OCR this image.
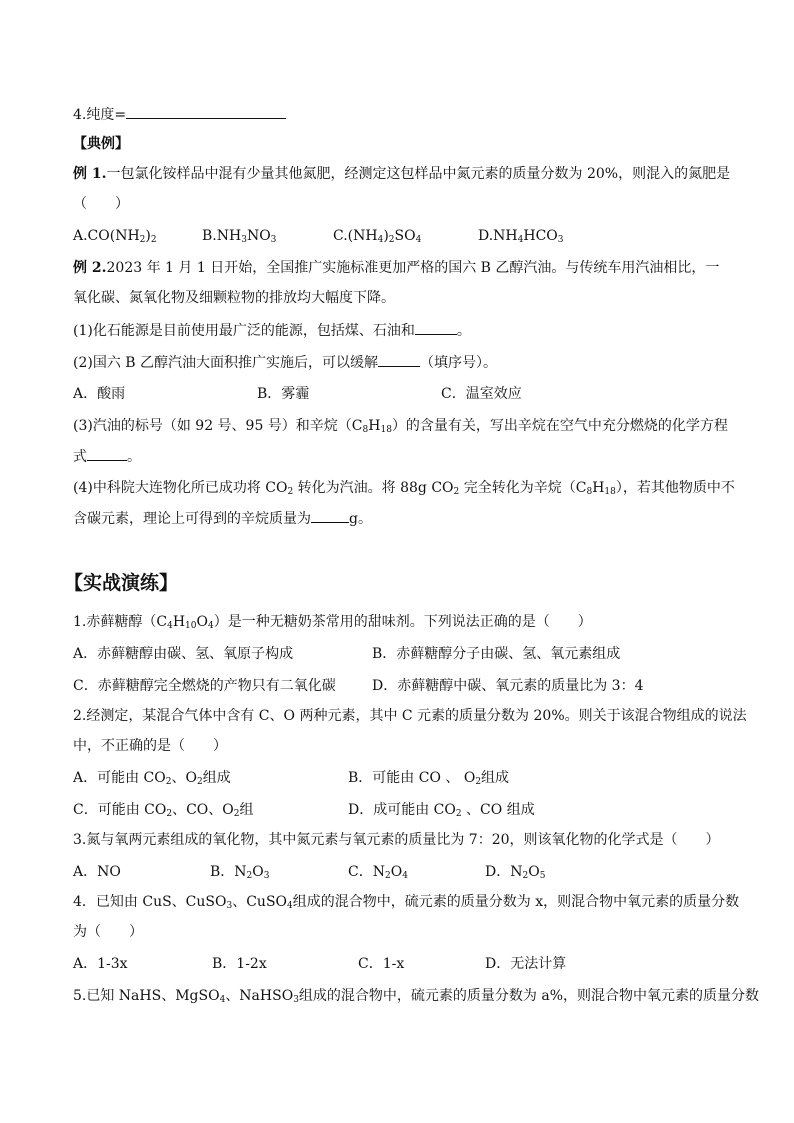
4.纯度=
【典例】
例 1.一包氯化铵样品中混有少量其他氮肥，经测定这包样品中氮元素的质量分数为 20%，则混入的氮肥是
（　　）
$A.CO(NH_2)_2$	$B.NH_3NO_3$	$C.(NH_4)_2SO_4$	$D.NH_4HCO_3$
例 2.2023 年 1 月 1 日开始，全国推广实施标准更加严格的国六 B 乙醇汽油。与传统车用汽油相比，一
氧化碳、氮氧化物及细颗粒物的排放均大幅度下降。
(1)化石能源是目前使用最广泛的能源，包括煤、石油和	。
(2)国六 B 乙醇汽油大面积推广实施后，可以缓解	（填序号）。
A．酸雨	B．雾霾	C．温室效应
(3)汽油的标号（如 92 号、95 号）和辛烷$(C_8H_{18})$的含量有关，写出辛烷在空气中充分燃烧的化学方程
式	。
(4)中科院大连物化所已成功将 $CO_2$ 转化为汽油。将 88g $CO_2$ 完全转化为辛烷$(C_8H_{18})$，若其他物质中不
含碳元素，理论上可得到的辛烷质量为	g。
【实战演练】
1.赤藓糖醇$(C_4H_{10}O_4)$是一种无糖奶茶常用的甜味剂。下列说法正确的是（　　）
A．赤藓糖醇由碳、氢、氧原子构成	B．赤藓糖醇分子由碳、氢、氧元素组成
C．赤藓糖醇完全燃烧的产物只有二氧化碳	D．赤藓糖醇中碳、氧元素的质量比为 3：4
2.经测定，某混合气体中含有 C、O 两种元素，其中 C 元素的质量分数为 20%。则关于该混合物组成的说法
中，不正确的是（　　）
A．可能由 $CO_2$、$O_2$组成	B．可能由 CO 、 $O_2$组成
C．可能由 $CO_2$、CO、$O_2$组	D．成可能由 $CO_2$ 、CO 组成
3.氮与氧两元素组成的氧化物，其中氮元素与氧元素的质量比为 7：20，则该氧化物的化学式是（　　）
A．NO	B．$N_2O_3$	C．$N_2O_4$	D．$N_2O_5$
4．已知由 CuS、CuSO$_3$、CuSO$_4$组成的混合物中，硫元素的质量分数为 x，则混合物中氧元素的质量分数
为（　　）
A．1-3x	B．1-2x	C．1-x	D．无法计算
5.已知 NaHS、MgSO$_4$、NaHSO$_3$组成的混合物中，硫元素的质量分数为 a%，则混合物中氧元素的质量分数
